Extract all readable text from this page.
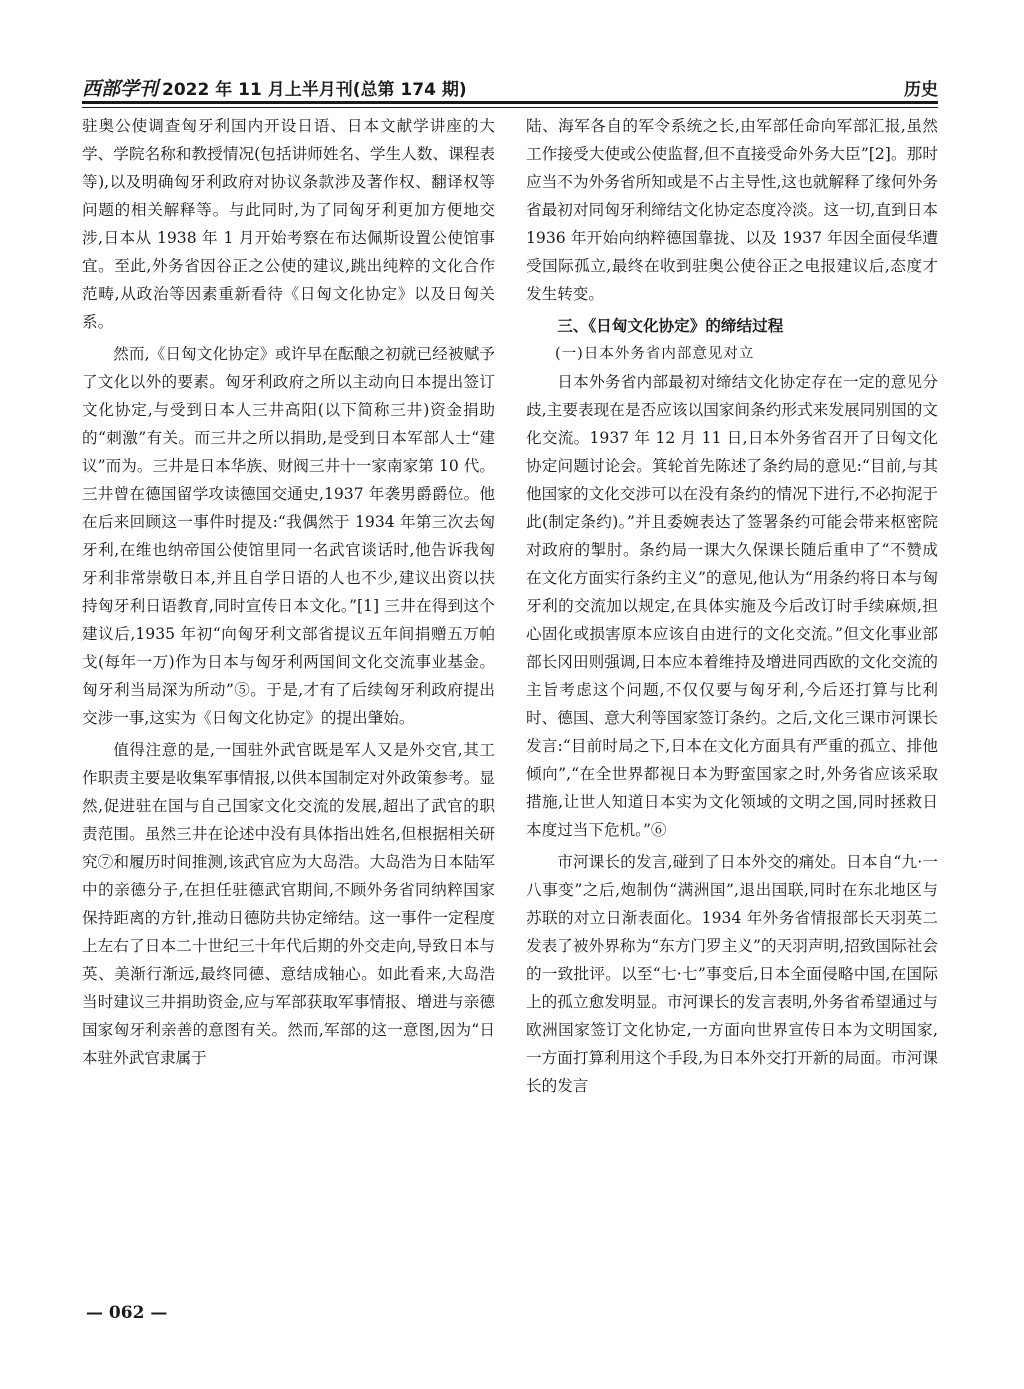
西部学刊 2022 年 11 月上半月刊(总第 174 期)	历史

驻奥公使调查匈牙利国内开设日语、日本文献学讲座的大学、学院名称和教授情况(包括讲师姓名、学生人数、课程表等),以及明确匈牙利政府对协议条款涉及著作权、翻译权等问题的相关解释等。与此同时,为了同匈牙利更加方便地交涉,日本从 1938 年 1 月开始考察在布达佩斯设置公使馆事宜。至此,外务省因谷正之公使的建议,跳出纯粹的文化合作范畴,从政治等因素重新看待《日匈文化协定》以及日匈关系。

然而,《日匈文化协定》或许早在酝酿之初就已经被赋予了文化以外的要素。匈牙利政府之所以主动向日本提出签订文化协定,与受到日本人三井高阳(以下简称三井)资金捐助的“刺激”有关。而三井之所以捐助,是受到日本军部人士“建议”而为。三井是日本华族、财阀三井十一家南家第 10 代。三井曾在德国留学攻读德国交通史,1937 年袭男爵爵位。他在后来回顾这一事件时提及:“我偶然于 1934 年第三次去匈牙利,在维也纳帝国公使馆里同一名武官谈话时,他告诉我匈牙利非常崇敬日本,并且自学日语的人也不少,建议出资以扶持匈牙利日语教育,同时宣传日本文化。”[1] 三井在得到这个建议后,1935 年初“向匈牙利文部省提议五年间捐赠五万帕戈(每年一万)作为日本与匈牙利两国间文化交流事业基金。匈牙利当局深为所动”⑤。于是,才有了后续匈牙利政府提出交涉一事,这实为《日匈文化协定》的提出肇始。

值得注意的是,一国驻外武官既是军人又是外交官,其工作职责主要是收集军事情报,以供本国制定对外政策参考。显然,促进驻在国与自己国家文化交流的发展,超出了武官的职责范围。虽然三井在论述中没有具体指出姓名,但根据相关研究⑦和履历时间推测,该武官应为大岛浩。大岛浩为日本陆军中的亲德分子,在担任驻德武官期间,不顾外务省同纳粹国家保持距离的方针,推动日德防共协定缔结。这一事件一定程度上左右了日本二十世纪三十年代后期的外交走向,导致日本与英、美渐行渐远,最终同德、意结成轴心。如此看来,大岛浩当时建议三井捐助资金,应与军部获取军事情报、增进与亲德国家匈牙利亲善的意图有关。然而,军部的这一意图,因为“日本驻外武官隶属于

陆、海军各自的军令系统之长,由军部任命向军部汇报,虽然工作接受大使或公使监督,但不直接受命外务大臣”[2]。那时应当不为外务省所知或是不占主导性,这也就解释了缘何外务省最初对同匈牙利缔结文化协定态度冷淡。这一切,直到日本 1936 年开始向纳粹德国靠拢、以及 1937 年因全面侵华遭受国际孤立,最终在收到驻奥公使谷正之电报建议后,态度才发生转变。

三、《日匈文化协定》的缔结过程
(一)日本外务省内部意见对立

日本外务省内部最初对缔结文化协定存在一定的意见分歧,主要表现在是否应该以国家间条约形式来发展同别国的文化交流。1937 年 12 月 11 日,日本外务省召开了日匈文化协定问题讨论会。箕轮首先陈述了条约局的意见:“目前,与其他国家的文化交涉可以在没有条约的情况下进行,不必拘泥于此(制定条约)。”并且委婉表达了签署条约可能会带来枢密院对政府的掣肘。条约局一课大久保课长随后重申了“不赞成在文化方面实行条约主义”的意见,他认为“用条约将日本与匈牙利的交流加以规定,在具体实施及今后改订时手续麻烦,担心固化或损害原本应该自由进行的文化交流。”但文化事业部部长冈田则强调,日本应本着维持及增进同西欧的文化交流的主旨考虑这个问题,不仅仅要与匈牙利,今后还打算与比利时、德国、意大利等国家签订条约。之后,文化三课市河课长发言:“目前时局之下,日本在文化方面具有严重的孤立、排他倾向”,“在全世界都视日本为野蛮国家之时,外务省应该采取措施,让世人知道日本实为文化领域的文明之国,同时拯救日本度过当下危机。”⑥

市河课长的发言,碰到了日本外交的痛处。日本自“九·一八事变”之后,炮制伪“满洲国”,退出国联,同时在东北地区与苏联的对立日渐表面化。1934 年外务省情报部长天羽英二发表了被外界称为“东方门罗主义”的天羽声明,招致国际社会的一致批评。以至“七·七”事变后,日本全面侵略中国,在国际上的孤立愈发明显。市河课长的发言表明,外务省希望通过与欧洲国家签订文化协定,一方面向世界宣传日本为文明国家,一方面打算利用这个手段,为日本外交打开新的局面。市河课长的发言

— 062 —
